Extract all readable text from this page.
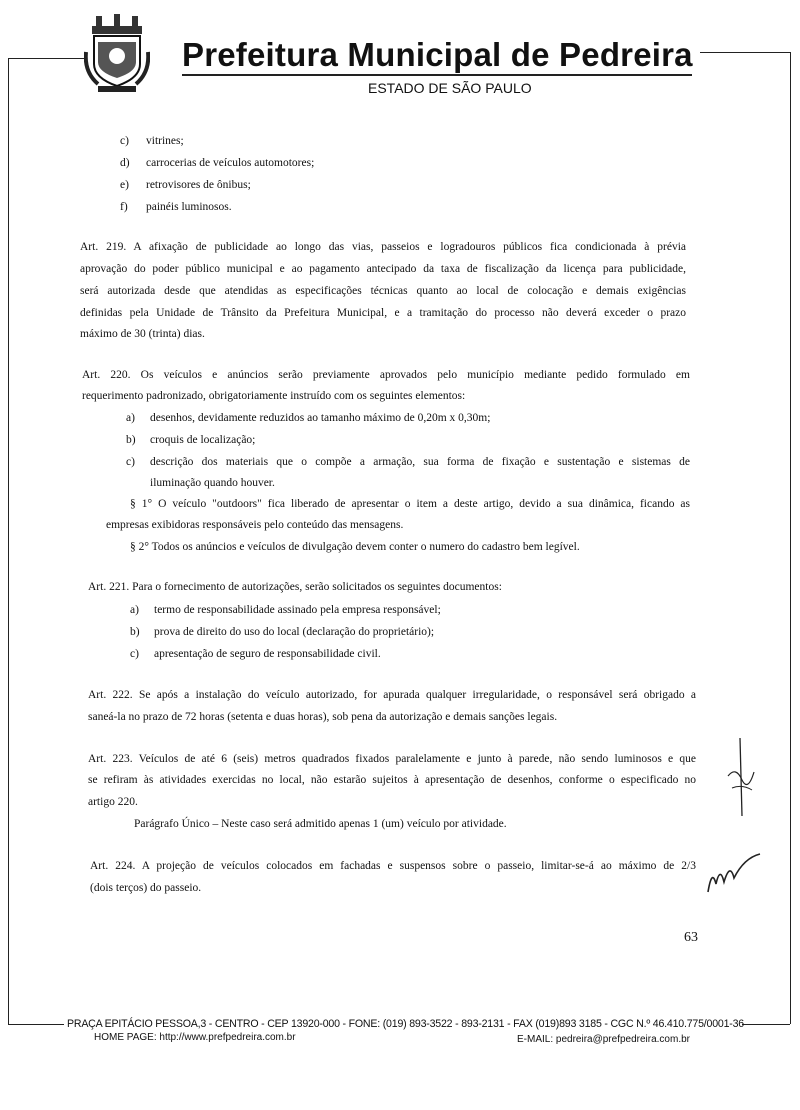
Prefeitura Municipal de Pedreira
ESTADO DE SÃO PAULO
c) vitrines;
d) carrocerias de veículos automotores;
e) retrovisores de ônibus;
f) painéis luminosos.
Art. 219. A afixação de publicidade ao longo das vias, passeios e logradouros públicos fica condicionada à prévia
aprovação do poder público municipal e ao pagamento antecipado da taxa de fiscalização da licença para publicidade,
será autorizada desde que atendidas as especificações técnicas quanto ao local de colocação e demais exigências
definidas pela Unidade de Trânsito da Prefeitura Municipal, e a tramitação do processo não deverá exceder o prazo
máximo de 30 (trinta) dias.
Art. 220. Os veículos e anúncios serão previamente aprovados pelo município mediante pedido formulado em
requerimento padronizado, obrigatoriamente instruído com os seguintes elementos:
a) desenhos, devidamente reduzidos ao tamanho máximo de 0,20m x 0,30m;
b) croquis de localização;
c) descrição dos materiais que o compõe a armação, sua forma de fixação e sustentação e sistemas de
iluminação quando houver.
§ 1° O veículo "outdoors" fica liberado de apresentar o item a deste artigo, devido a sua dinâmica, ficando as
empresas exibidoras responsáveis pelo conteúdo das mensagens.
§ 2° Todos os anúncios e veículos de divulgação devem conter o numero do cadastro bem legível.
Art. 221. Para o fornecimento de autorizações, serão solicitados os seguintes documentos:
a) termo de responsabilidade assinado pela empresa responsável;
b) prova de direito do uso do local (declaração do proprietário);
c) apresentação de seguro de responsabilidade civil.
Art. 222. Se após a instalação do veículo autorizado, for apurada qualquer irregularidade, o responsável será obrigado a
saneá-la no prazo de 72 horas (setenta e duas horas), sob pena da autorização e demais sanções legais.
Art. 223. Veículos de até 6 (seis) metros quadrados fixados paralelamente e junto à parede, não sendo luminosos e que
se refiram às atividades exercidas no local, não estarão sujeitos à apresentação de desenhos, conforme o especificado no
artigo 220.
Parágrafo Único – Neste caso será admitido apenas 1 (um) veículo por atividade.
Art. 224. A projeção de veículos colocados em fachadas e suspensos sobre o passeio, limitar-se-á ao máximo de 2/3
(dois terços) do passeio.
63
PRAÇA EPITÁCIO PESSOA,3 - CENTRO - CEP 13920-000 - FONE: (019) 893-3522 - 893-2131 - FAX (019)893 3185 - CGC N.º 46.410.775/0001-36
HOME PAGE: http://www.prefpedreira.com.br	E-MAIL: pedreira@prefpedreira.com.br
